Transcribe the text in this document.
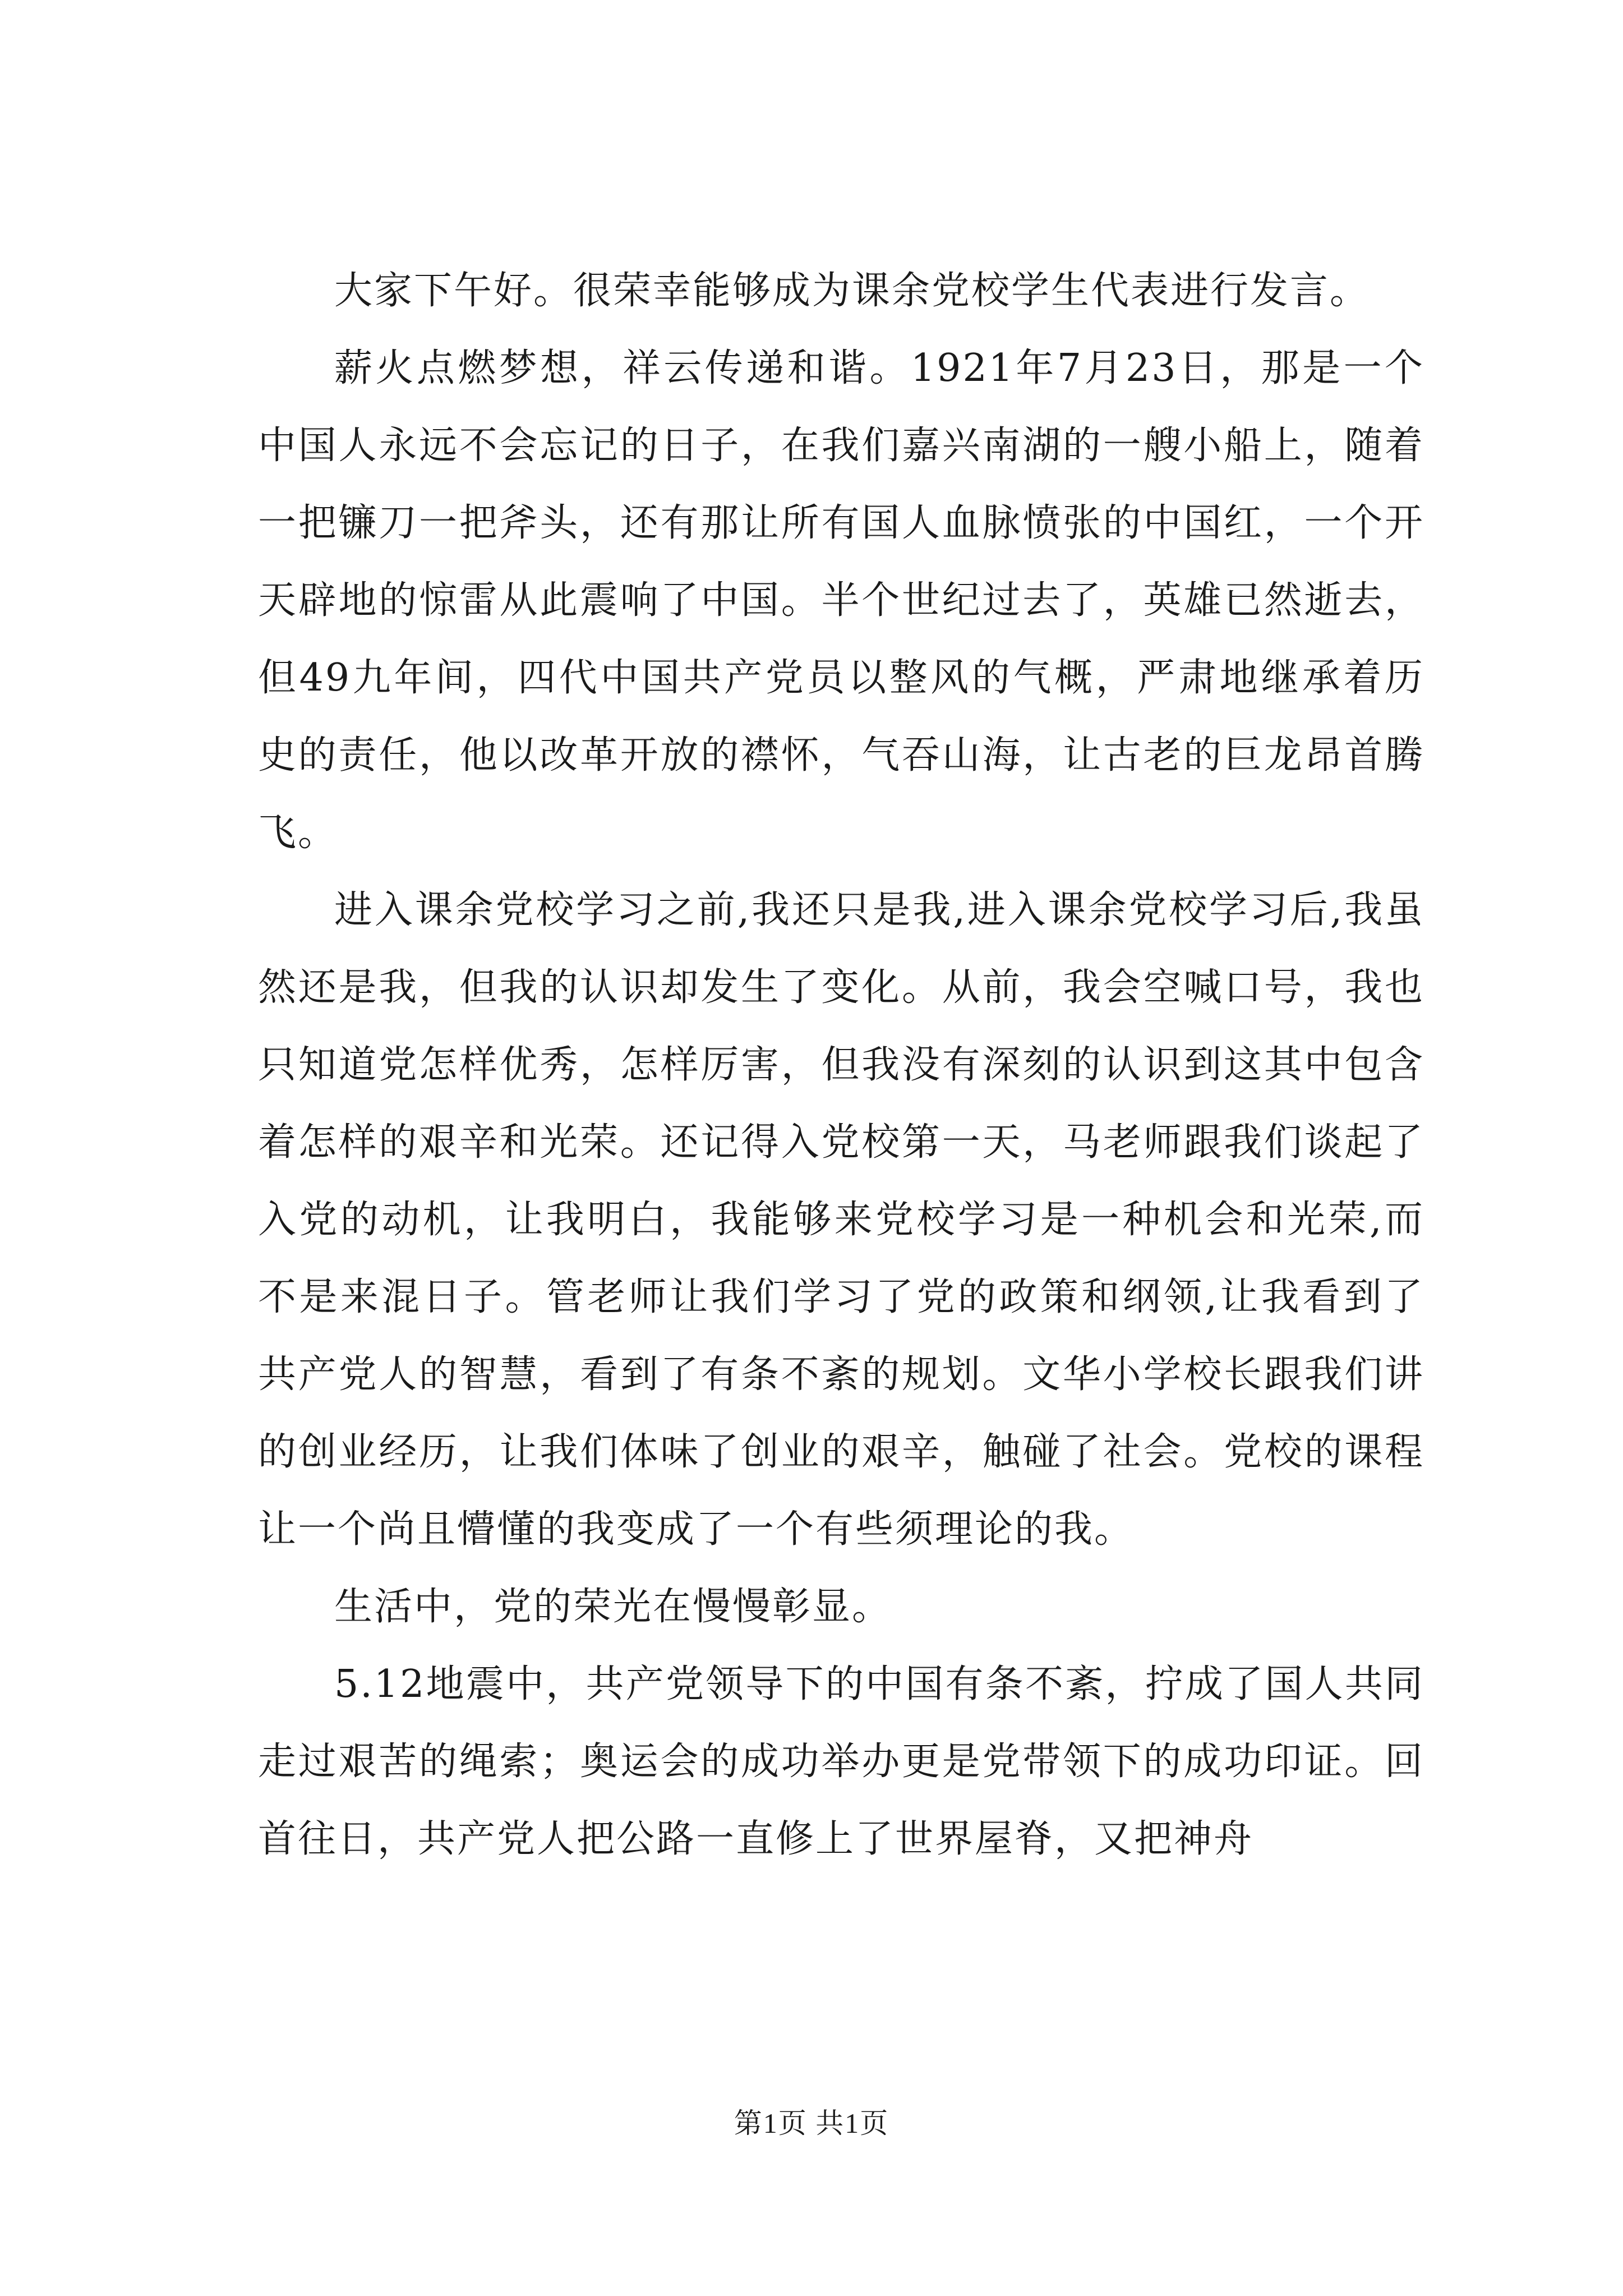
大家下午好。很荣幸能够成为课余党校学生代表进行发言。

薪火点燃梦想，祥云传递和谐。1921年7月23日，那是一个中国人永远不会忘记的日子，在我们嘉兴南湖的一艘小船上，随着一把镰刀一把斧头，还有那让所有国人血脉愤张的中国红，一个开天辟地的惊雷从此震响了中国。半个世纪过去了，英雄已然逝去，但49九年间，四代中国共产党员以整风的气概，严肃地继承着历史的责任，他以改革开放的襟怀，气吞山海，让古老的巨龙昂首腾飞。

进入课余党校学习之前,我还只是我,进入课余党校学习后,我虽然还是我，但我的认识却发生了变化。从前，我会空喊口号，我也只知道党怎样优秀，怎样厉害，但我没有深刻的认识到这其中包含着怎样的艰辛和光荣。还记得入党校第一天，马老师跟我们谈起了入党的动机，让我明白，我能够来党校学习是一种机会和光荣,而不是来混日子。管老师让我们学习了党的政策和纲领,让我看到了共产党人的智慧，看到了有条不紊的规划。文华小学校长跟我们讲的创业经历，让我们体味了创业的艰辛，触碰了社会。党校的课程让一个尚且懵懂的我变成了一个有些须理论的我。

生活中，党的荣光在慢慢彰显。

5.12地震中，共产党领导下的中国有条不紊，拧成了国人共同走过艰苦的绳索；奥运会的成功举办更是党带领下的成功印证。回首往日，共产党人把公路一直修上了世界屋脊，又把神舟

第1页 共1页
